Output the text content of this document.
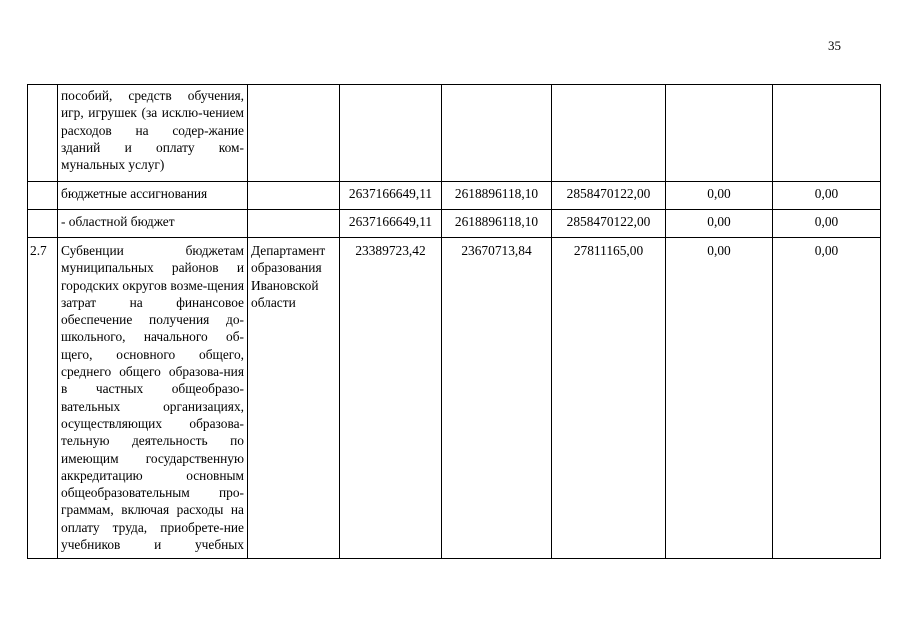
35
	пособий, средств обучения, игр, игрушек (за исклю-чением расходов на содер-жание зданий и оплату ком-мунальных услуг)						
	бюджетные ассигнования		2637166649,11	2618896118,10	2858470122,00	0,00	0,00
	- областной бюджет		2637166649,11	2618896118,10	2858470122,00	0,00	0,00
2.7	Субвенции бюджетам муниципальных районов и городских округов возме-щения затрат на финансовое обеспечение получения до-школьного, начального об-щего, основного общего, среднего общего образова-ния в частных общеобразо-вательных организациях, осуществляющих образова-тельную деятельность по имеющим государственную аккредитацию основным общеобразовательным про-граммам, включая расходы на оплату труда, приобрете-ние учебников и учебных	Департамент образования Ивановской области	23389723,42	23670713,84	27811165,00	0,00	0,00
